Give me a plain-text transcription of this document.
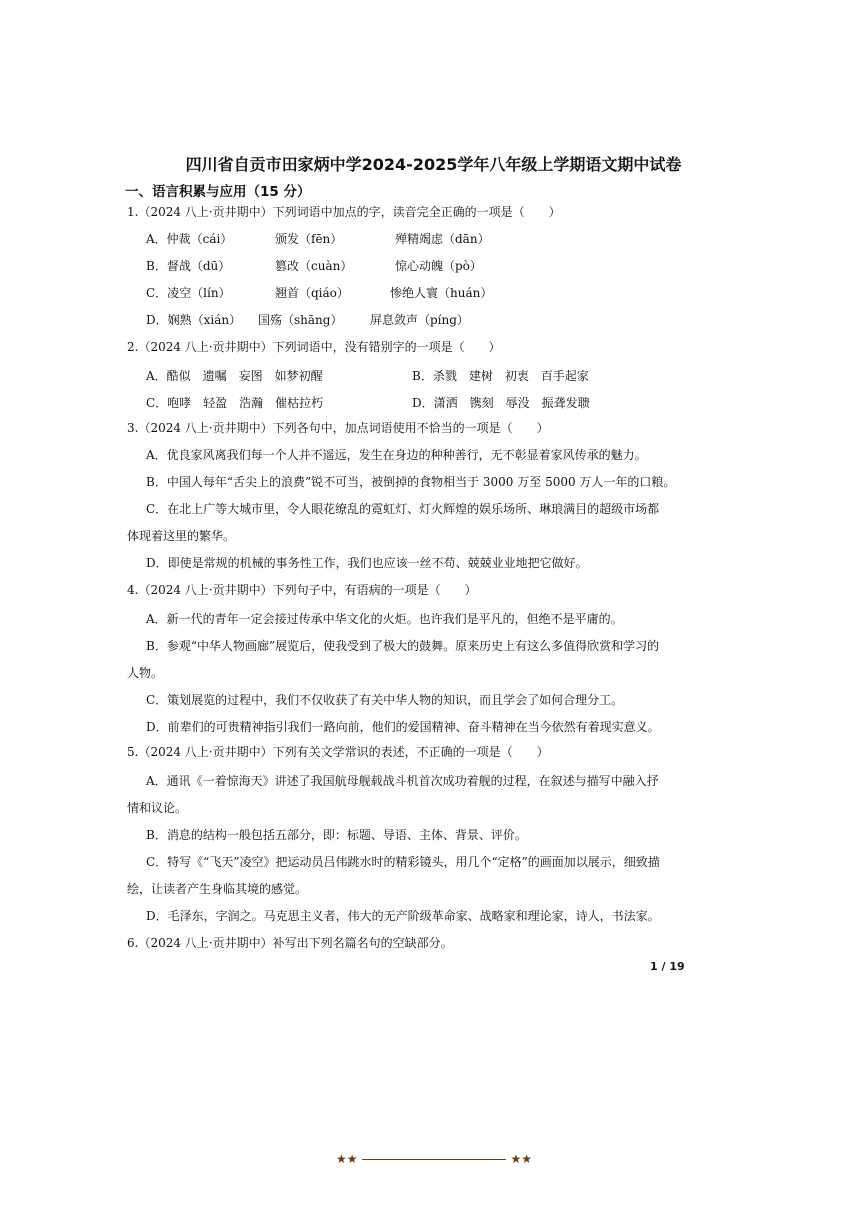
四川省自贡市田家炳中学2024-2025学年八年级上学期语文期中试卷
一、语言积累与应用（15 分）
1.（2024 八上·贡井期中）下列词语中加点的字，读音完全正确的一项是（　　）
A．仲裁（cái）	颁发（fēn）	殚精竭虑（dān）
B．督战（dū）	篡改（cuàn）	惊心动魄（pò）
C．凌空（lín）	翘首（qiáo）	惨绝人寰（huán）
D．娴熟（xián） 国殇（shāng） 屏息敛声（píng）
2.（2024 八上·贡井期中）下列词语中，没有错别字的一项是（　　）
A．酷似　遗嘱　妄图　如梦初醒	B．杀戮　建树　初衷　百手起家
C．咆哮　轻盈　浩瀚　催枯拉朽	D．潇洒　镌刻　辱没　振聋发聩
3.（2024 八上·贡井期中）下列各句中，加点词语使用不恰当的一项是（　　）
A．优良家风离我们每一个人并不遥远，发生在身边的种种善行，无不彰显着家风传承的魅力。
B．中国人每年“舌尖上的浪费”锐不可当，被倒掉的食物相当于 3000 万至 5000 万人一年的口粮。
C．在北上广等大城市里，令人眼花缭乱的霓虹灯、灯火辉煌的娱乐场所、琳琅满目的超级市场都
体现着这里的繁华。
D．即使是常规的机械的事务性工作，我们也应该一丝不苟、兢兢业业地把它做好。
4.（2024 八上·贡井期中）下列句子中，有语病的一项是（　　）
A．新一代的青年一定会接过传承中华文化的火炬。也许我们是平凡的，但绝不是平庸的。
B．参观“中华人物画廊”展览后，使我受到了极大的鼓舞。原来历史上有这么多值得欣赏和学习的
人物。
C．策划展览的过程中，我们不仅收获了有关中华人物的知识，而且学会了如何合理分工。
D．前辈们的可贵精神指引我们一路向前，他们的爱国精神、奋斗精神在当今依然有着现实意义。
5.（2024 八上·贡井期中）下列有关文学常识的表述，不正确的一项是（　　）
A．通讯《一着惊海天》讲述了我国航母舰载战斗机首次成功着舰的过程，在叙述与描写中融入抒
情和议论。
B．消息的结构一般包括五部分，即：标题、导语、主体、背景、评价。
C．特写《“飞天”凌空》把运动员吕伟跳水时的精彩镜头，用几个“定格”的画面加以展示，细致描
绘，让读者产生身临其境的感觉。
D．毛泽东，字润之。马克思主义者，伟大的无产阶级革命家、战略家和理论家，诗人，书法家。
6.（2024 八上·贡井期中）补写出下列名篇名句的空缺部分。
1 / 19
★★	★★
